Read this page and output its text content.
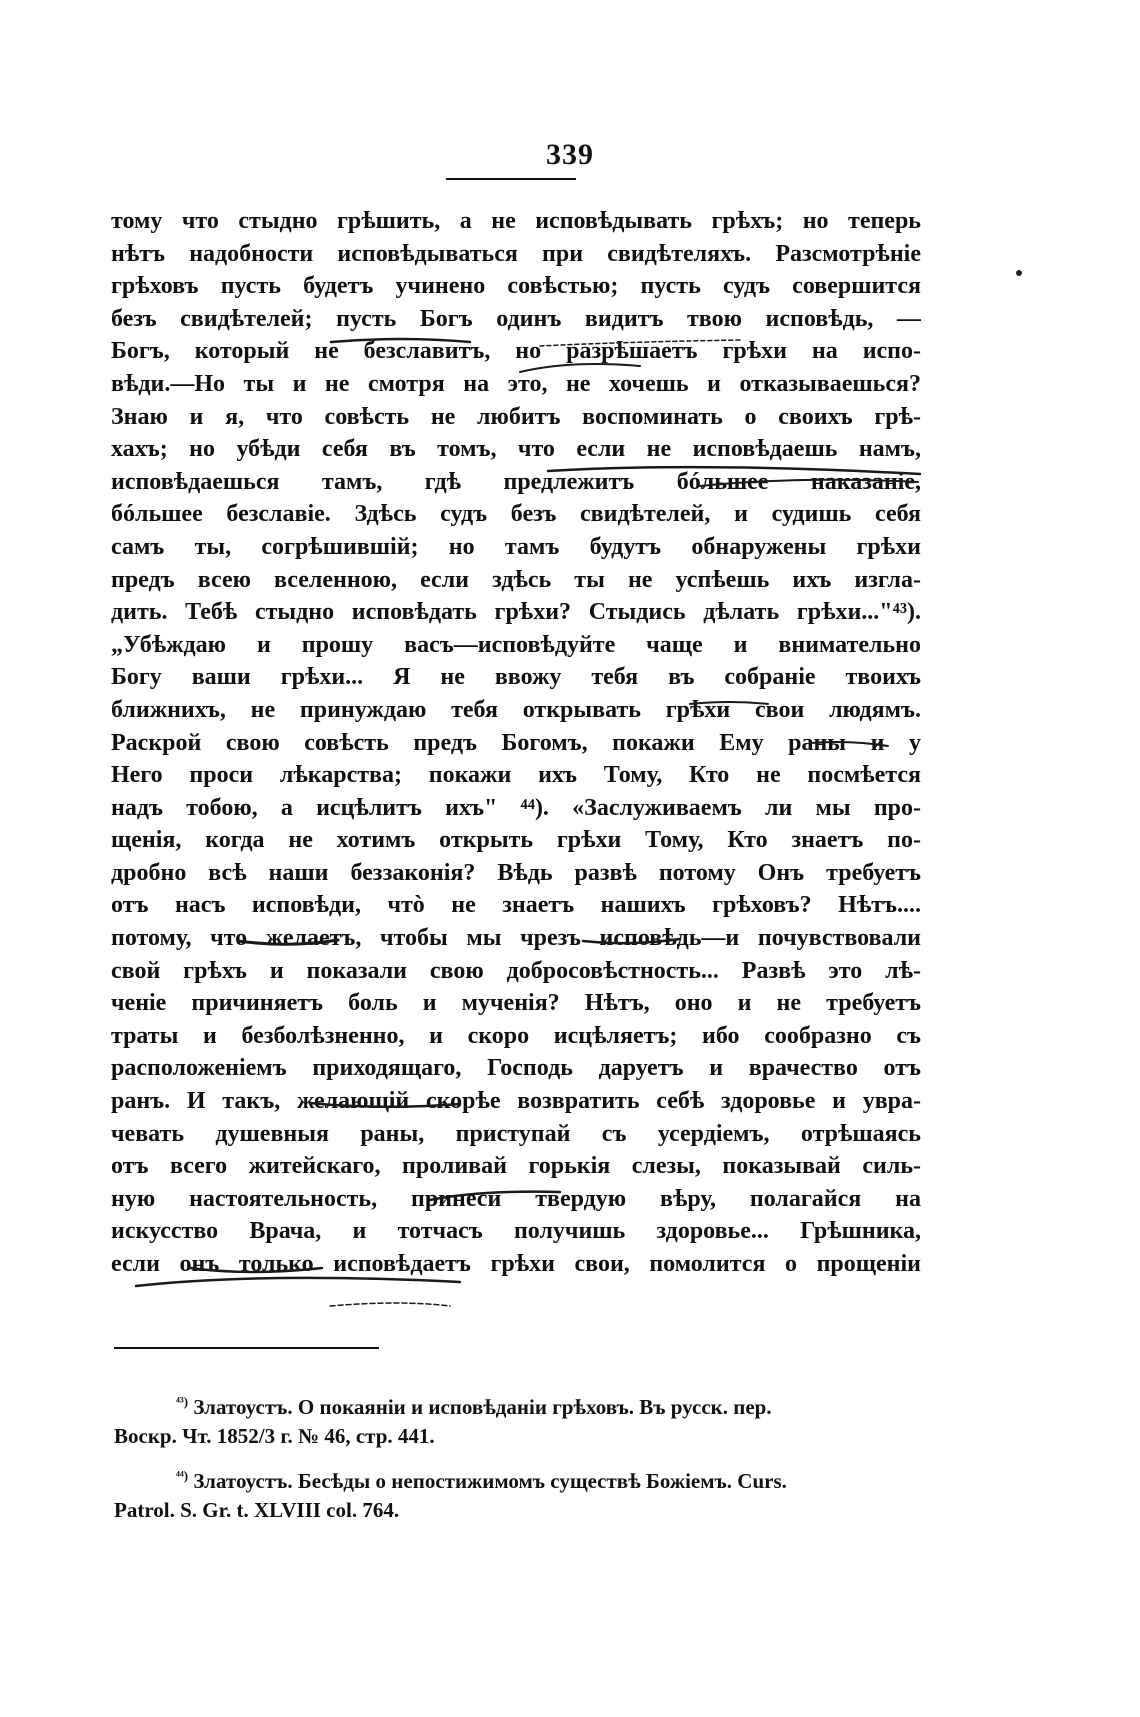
339
тому что стыдно грѣшить, а не исповѣдывать грѣхъ; но теперь
нѣтъ надобности исповѣдываться при свидѣтеляхъ. Разсмотрѣніе
грѣховъ пусть будетъ учинено совѣстью; пусть судъ совершится
безъ свидѣтелей; пусть Богъ одинъ видитъ твою исповѣдь, —
Богъ, который не безславитъ, но разрѣшаетъ грѣхи на испо-
вѣди.—Но ты и не смотря на это, не хочешь и отказываешься?
Знаю и я, что совѣсть не любитъ воспоминать о своихъ грѣ-
хахъ; но убѣди себя въ томъ, что если не исповѣдаешь намъ,
исповѣдаешься тамъ, гдѣ предлежитъ бóльшее наказаніе,
бóльшее безславіе. Здѣсь судъ безъ свидѣтелей, и судишь себя
самъ ты, согрѣшившій; но тамъ будутъ обнаружены грѣхи
предъ всею вселенною, если здѣсь ты не успѣешь ихъ изгла-
дить. Тебѣ стыдно исповѣдать грѣхи? Стыдись дѣлать грѣхи..."⁴³).
„Убѣждаю и прошу васъ—исповѣдуйте чаще и внимательно
Богу ваши грѣхи... Я не ввожу тебя въ собраніе твоихъ
ближнихъ, не принуждаю тебя открывать грѣхи свои людямъ.
Раскрой свою совѣсть предъ Богомъ, покажи Ему раны и у
Него проси лѣкарства; покажи ихъ Тому, Кто не посмѣется
надъ тобою, а исцѣлитъ ихъ" ⁴⁴). «Заслуживаемъ ли мы про-
щенія, когда не хотимъ открыть грѣхи Тому, Кто знаетъ по-
дробно всѣ наши беззаконія? Вѣдь развѣ потому Онъ требуетъ
отъ насъ исповѣди, чтò не знаетъ нашихъ грѣховъ? Нѣтъ....
потому, что желаетъ, чтобы мы чрезъ исповѣдь—и почувствовали
свой грѣхъ и показали свою добросовѣстность... Развѣ это лѣ-
ченіе причиняетъ боль и мученія? Нѣтъ, оно и не требуетъ
траты и безболѣзненно, и скоро исцѣляетъ; ибо сообразно съ
расположеніемъ приходящаго, Господь даруетъ и врачество отъ
ранъ. И такъ, желающій скорѣе возвратить себѣ здоровье и увра-
чевать душевныя раны, приступай съ усердіемъ, отрѣшаясь
отъ всего житейскаго, проливай горькія слезы, показывай силь-
ную настоятельность, принеси твердую вѣру, полагайся на
искусство Врача, и тотчасъ получишь здоровье... Грѣшника,
если онъ только исповѣдаетъ грѣхи свои, помолится о прощеніи
$^{^{43})}$ Златоустъ. О покаяніи и исповѣданіи грѣховъ. Въ русск. пер.
Воскр. Чт. 1852/3 г. № 46, стр. 441.
$^{^{44})}$ Златоустъ. Бесѣды о непостижимомъ существѣ Божіемъ. Curs.
Patrol. S. Gr. t. XLVIII col. 764.
